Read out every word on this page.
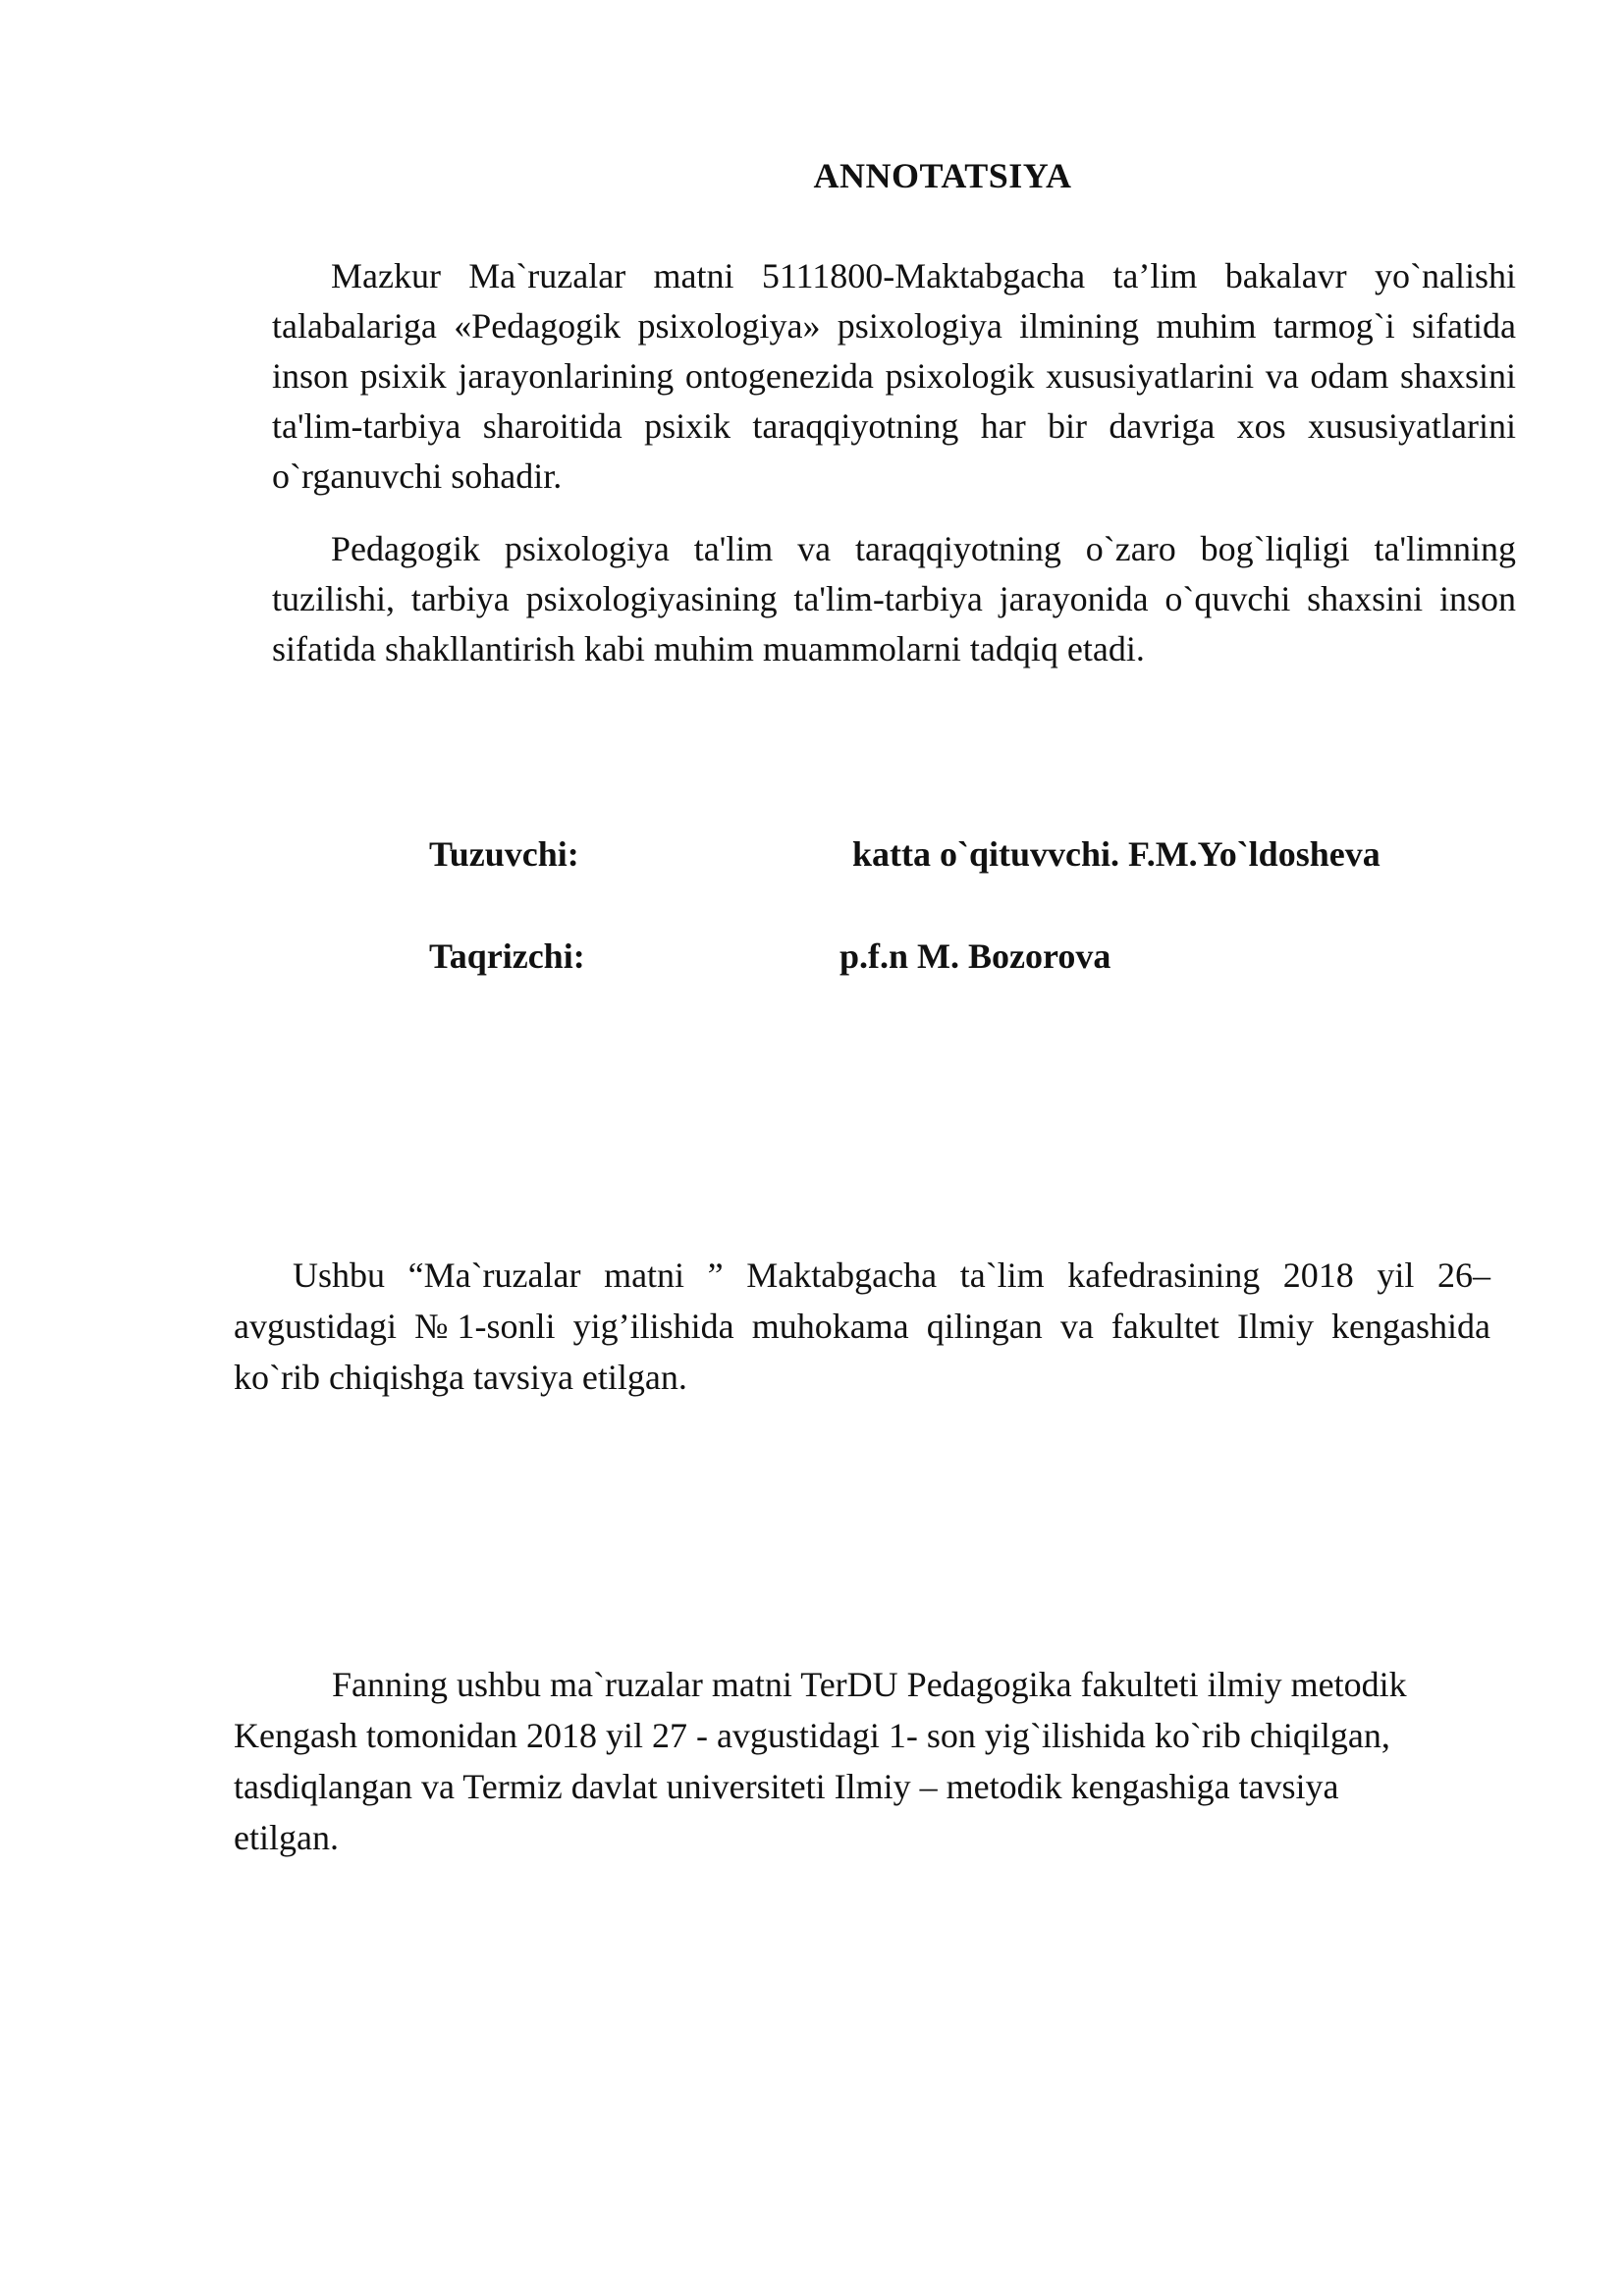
ANNOTATSIYA

Mazkur Ma`ruzalar matni 5111800-Maktabgacha ta’lim bakalavr yo`nalishi talabalariga «Pedagogik psixologiya» psixologiya ilmining muhim tarmog`i sifatida inson psixik jarayonlarining ontogenezida psixologik xususiyatlarini va odam shaxsini ta'lim-tarbiya sharoitida psixik taraqqiyotning har bir davriga xos xususiyatlarini o`rganuvchi sohadir.

Pedagogik psixologiya ta'lim va taraqqiyotning o`zaro bog`liqligi ta'limning tuzilishi, tarbiya psixologiyasining ta'lim-tarbiya jarayonida o`quvchi shaxsini inson sifatida shakllantirish kabi muhim muammolarni tadqiq etadi.

Tuzuvchi:	katta o`qituvvchi. F.M.Yo`ldosheva
Taqrizchi:	p.f.n M. Bozorova

Ushbu “Ma`ruzalar matni ” Maktabgacha ta`lim kafedrasining 2018 yil 26– avgustidagi №1-sonli yig’ilishida muhokama qilingan va fakultet Ilmiy kengashida ko`rib chiqishga tavsiya etilgan.

Fanning ushbu ma`ruzalar matni TerDU Pedagogika fakulteti ilmiy metodik Kengash tomonidan 2018 yil 27 - avgustidagi 1- son yig`ilishida ko`rib chiqilgan, tasdiqlangan va Termiz davlat universiteti Ilmiy – metodik kengashiga tavsiya etilgan.
